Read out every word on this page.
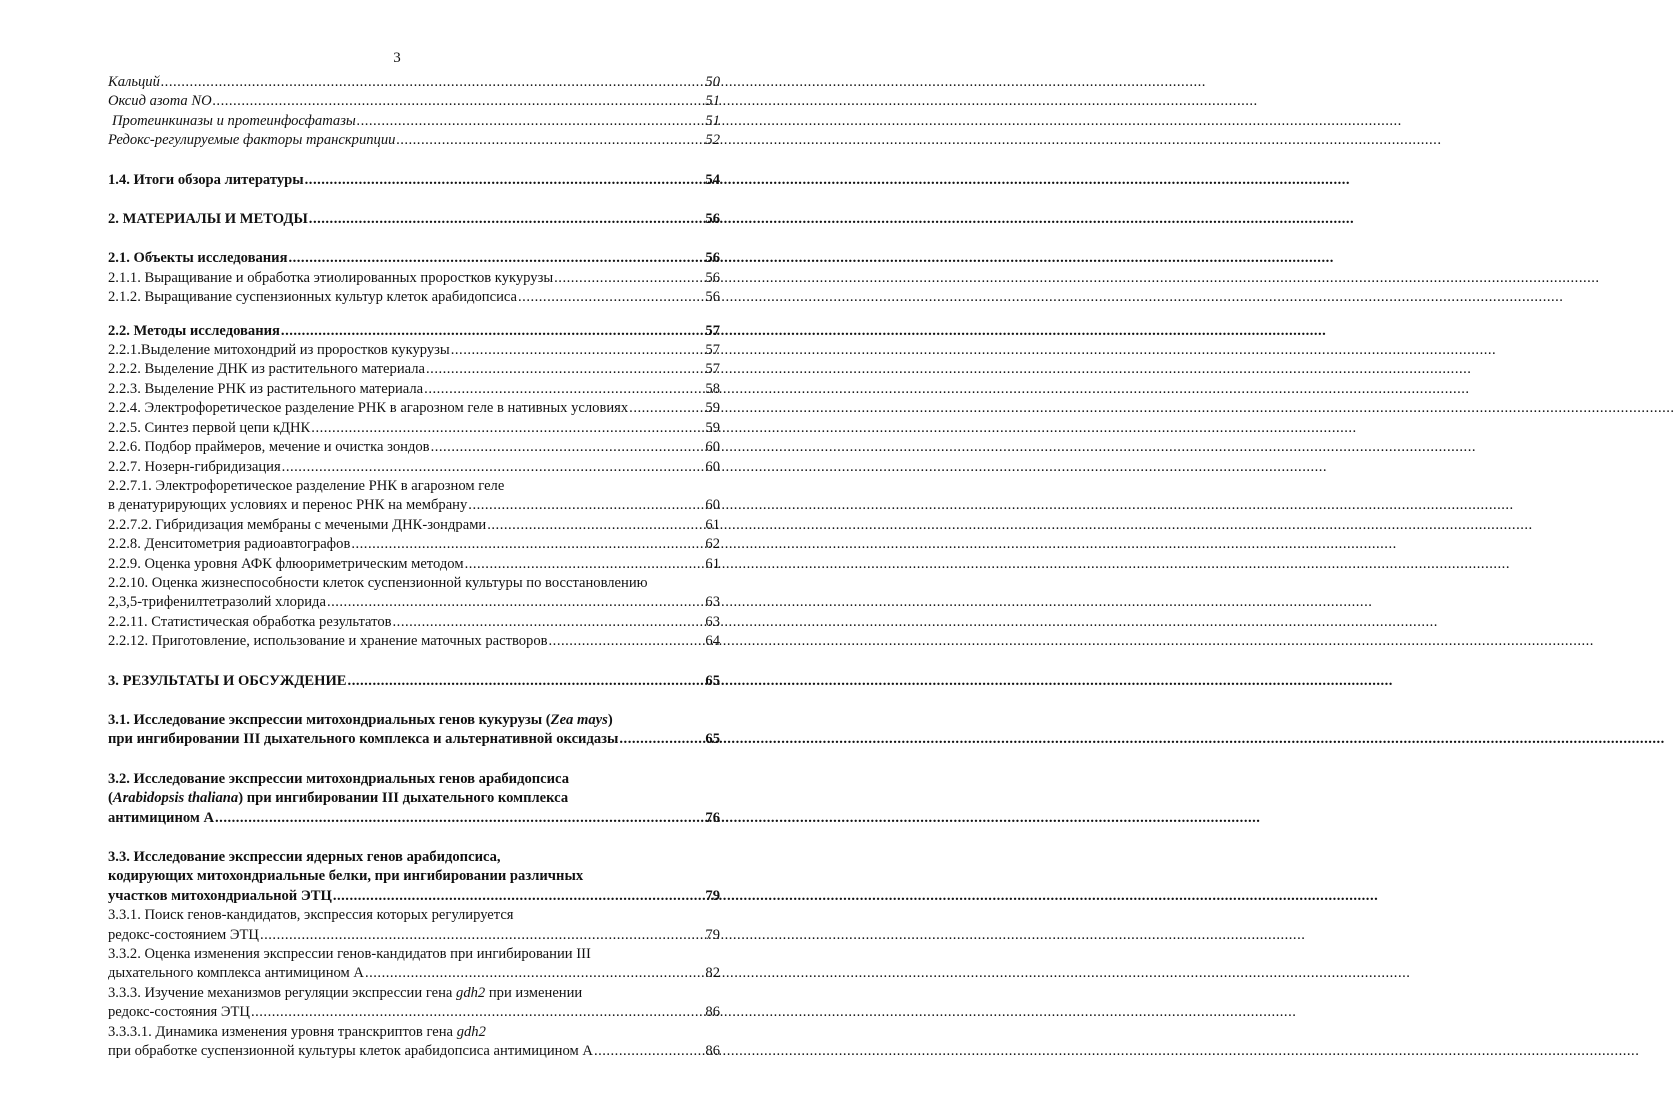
3
Кальций .....	50
Оксид азота NO .....	51
Протеинкиназы и протеинфосфатазы .....	51
Редокс-регулируемые факторы транскрипции .....	52
1.4. Итоги обзора литературы .....	54
2. МАТЕРИАЛЫ И МЕТОДЫ .....	56
2.1. Объекты исследования .....	56
2.1.1. Выращивание и обработка этиолированных проростков кукурузы .....	56
2.1.2. Выращивание суспензионных культур клеток арабидопсиса .....	56
2.2. Методы исследования .....	57
2.2.1.Выделение митохондрий из проростков кукурузы .....	57
2.2.2. Выделение ДНК из растительного материала .....	57
2.2.3. Выделение РНК из растительного материала .....	58
2.2.4. Электрофоретическое разделение РНК в агарозном геле в нативных условиях .....	59
2.2.5. Синтез первой цепи кДНК .....	59
2.2.6. Подбор праймеров, мечение и очистка зондов .....	60
2.2.7. Нозерн-гибридизация .....	60
2.2.7.1. Электрофоретическое разделение РНК в агарозном геле
в денатурирующих условиях и перенос РНК на мембрану .....	60
2.2.7.2. Гибридизация мембраны с мечеными ДНК-зондрами .....	61
2.2.8. Денситометрия радиоавтографов .....	62
2.2.9. Оценка уровня АФК флюориметрическим методом .....	61
2.2.10. Оценка жизнеспособности клеток суспензионной культуры по восстановлению
2,3,5-трифенилтетразолий хлорида .....	63
2.2.11. Статистическая обработка результатов .....	63
2.2.12. Приготовление, использование и хранение маточных растворов .....	64
3. РЕЗУЛЬТАТЫ И ОБСУЖДЕНИЕ .....	65
3.1. Исследование экспрессии митохондриальных генов кукурузы (Zea mays)
при ингибировании III дыхательного комплекса и альтернативной оксидазы .....	65
3.2. Исследование экспрессии митохондриальных генов арабидопсиса
(Arabidopsis thaliana) при ингибировании III дыхательного комплекса
антимицином А .....	76
3.3. Исследование экспрессии ядерных генов арабидопсиса,
кодирующих митохондриальные белки, при ингибировании различных
участков митохондриальной ЭТЦ .....	79
3.3.1. Поиск генов-кандидатов, экспрессия которых регулируется
редокс-состоянием ЭТЦ .....	79
3.3.2. Оценка изменения экспрессии генов-кандидатов при ингибировании III
дыхательного комплекса антимицином А .....	82
3.3.3. Изучение механизмов регуляции экспрессии гена gdh2 при изменении
редокс-состояния ЭТЦ .....	86
3.3.3.1. Динамика изменения уровня транскриптов гена gdh2
при обработке суспензионной культуры клеток арабидопсиса антимицином А .....	86
